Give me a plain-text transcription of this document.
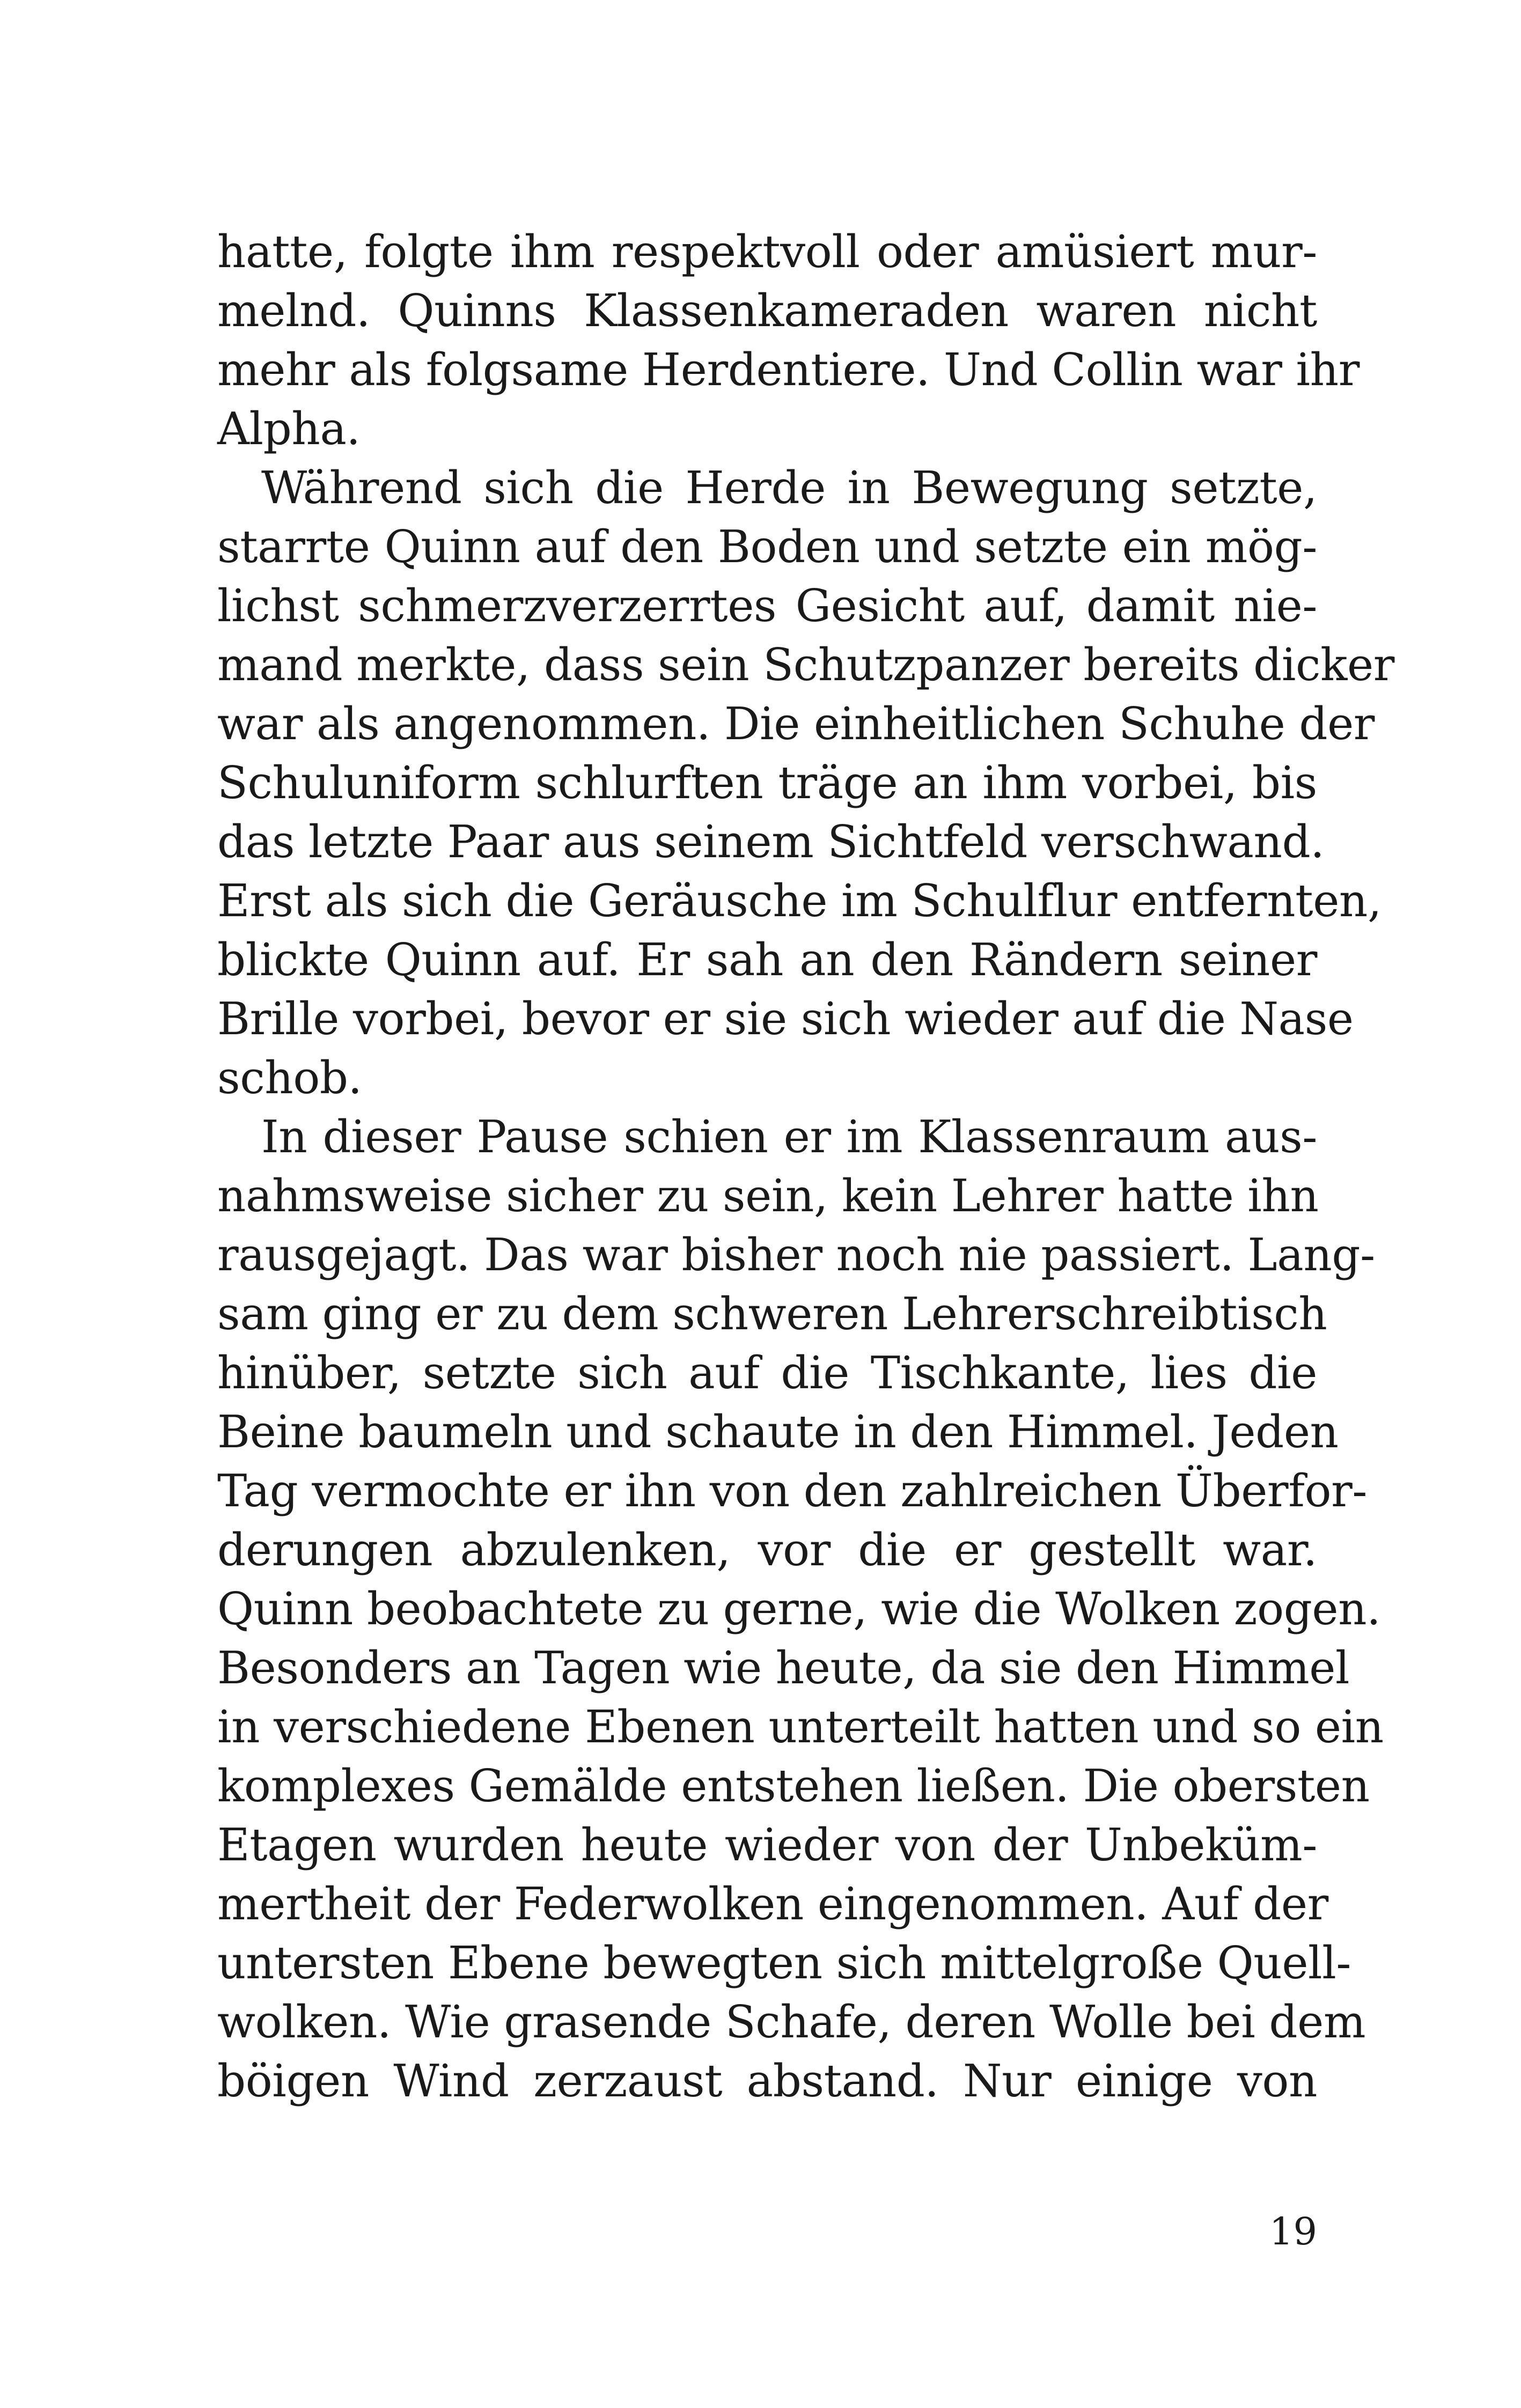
hatte, folgte ihm respektvoll oder amüsiert mur-
melnd. Quinns Klassenkameraden waren nicht
mehr als folgsame Herdentiere. Und Collin war ihr
Alpha.
Während sich die Herde in Bewegung setzte,
starrte Quinn auf den Boden und setzte ein mög-
lichst schmerzverzerrtes Gesicht auf, damit nie-
mand merkte, dass sein Schutzpanzer bereits dicker
war als angenommen. Die einheitlichen Schuhe der
Schuluniform schlurften träge an ihm vorbei, bis
das letzte Paar aus seinem Sichtfeld verschwand.
Erst als sich die Geräusche im Schulflur entfernten,
blickte Quinn auf. Er sah an den Rändern seiner
Brille vorbei, bevor er sie sich wieder auf die Nase
schob.
In dieser Pause schien er im Klassenraum aus-
nahmsweise sicher zu sein, kein Lehrer hatte ihn
rausgejagt. Das war bisher noch nie passiert. Lang-
sam ging er zu dem schweren Lehrerschreibtisch
hinüber, setzte sich auf die Tischkante, lies die
Beine baumeln und schaute in den Himmel. Jeden
Tag vermochte er ihn von den zahlreichen Überfor-
derungen abzulenken, vor die er gestellt war.
Quinn beobachtete zu gerne, wie die Wolken zogen.
Besonders an Tagen wie heute, da sie den Himmel
in verschiedene Ebenen unterteilt hatten und so ein
komplexes Gemälde entstehen ließen. Die obersten
Etagen wurden heute wieder von der Unbeküm-
mertheit der Federwolken eingenommen. Auf der
untersten Ebene bewegten sich mittelgroße Quell-
wolken. Wie grasende Schafe, deren Wolle bei dem
böigen Wind zerzaust abstand. Nur einige von
19
